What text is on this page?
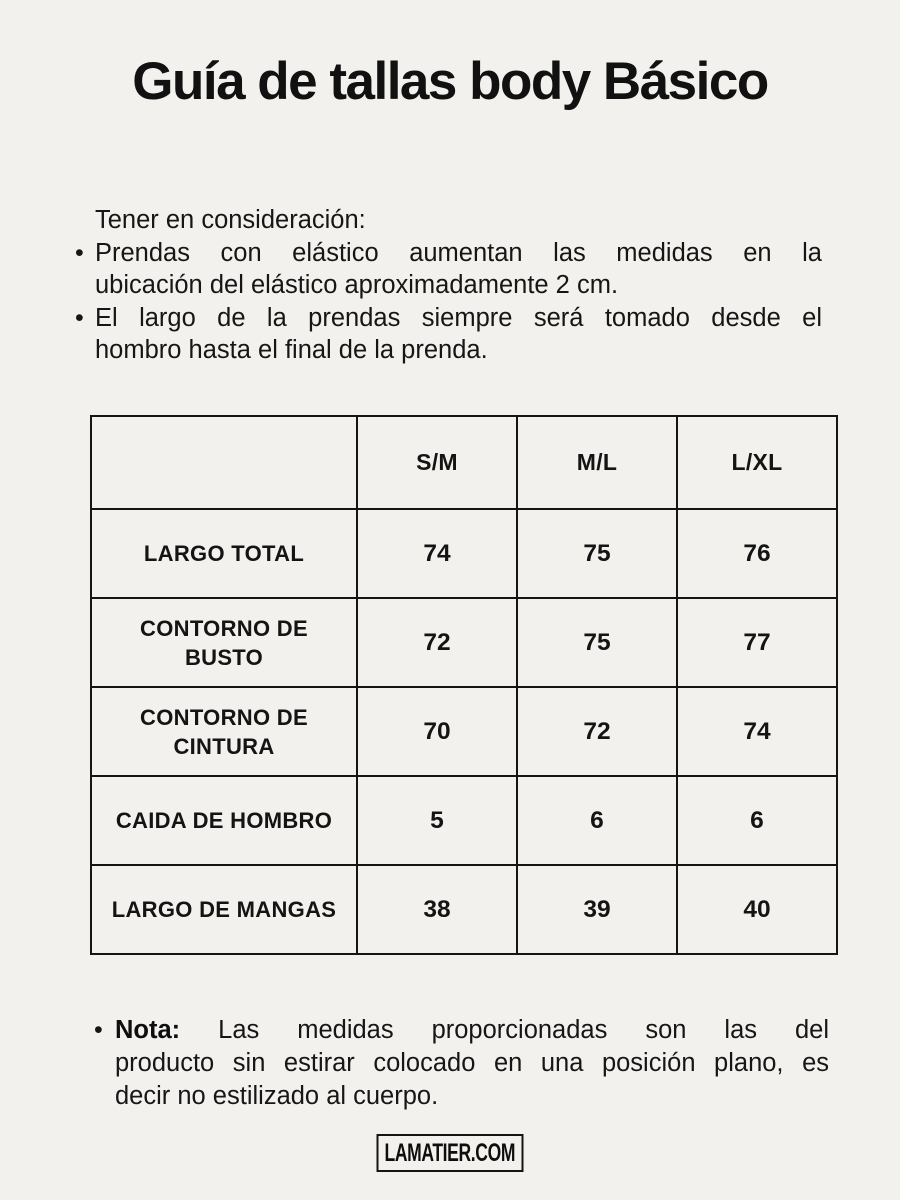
Guía de tallas body Básico

Tener en consideración:

• Prendas con elástico aumentan las medidas en la
ubicación del elástico aproximadamente 2 cm.
• El largo de la prendas siempre será tomado desde el
hombro hasta el final de la prenda.
	S/M	M/L	L/XL

LARGO TOTAL	74	75	76

CONTORNO DE
BUSTO	72	75	77

CONTORNO DE
CINTURA	70	72	74

CAIDA DE HOMBRO	5	6	6

LARGO DE MANGAS	38	39	40
• Nota: Las medidas proporcionadas son las del
producto sin estirar colocado en una posición plano, es
decir no estilizado al cuerpo.
LAMATIER.COM
